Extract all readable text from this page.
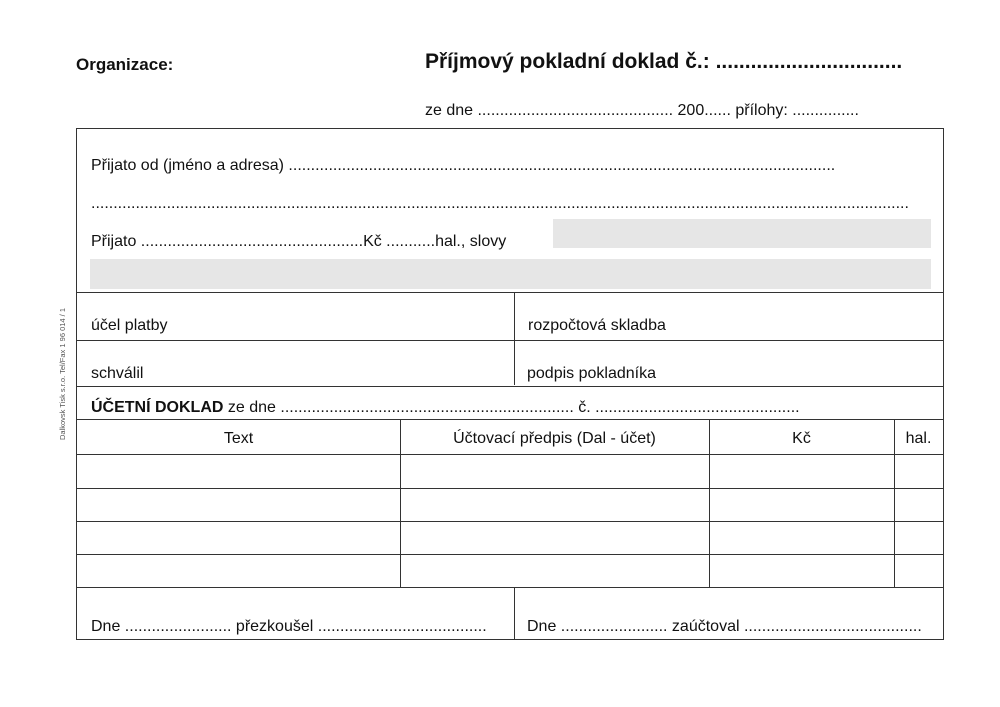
Organizace:	Příjmový pokladní doklad č.: ................................
ze dne ............................................ 200...... přílohy: ...............
Dalkovsk Tisk s.r.o. Tel/Fax 1 96 014 / 1
Přijato od (jméno a adresa) ...........................................................................................................................
........................................................................................................................................................................................
Přijato ..................................................Kč ...........hal., slovy
účel platby	rozpočtová skladba
schválil	podpis pokladníka
ÚČETNÍ DOKLAD ze dne .................................................................. č. ..............................................
Text	Účtovací předpis (Dal - účet)	Kč	hal.
Dne ........................ přezkoušel ......................................	Dne ........................ zaúčtoval ........................................
